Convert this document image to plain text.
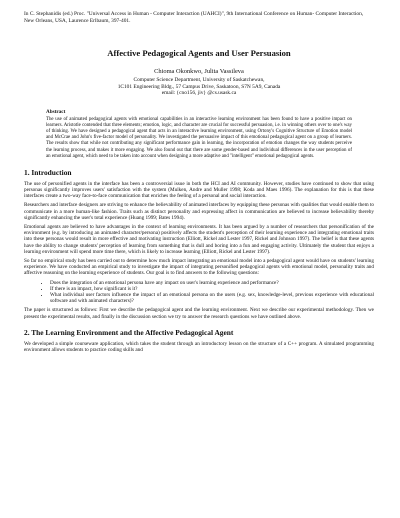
In C. Stephanidis (ed.) Proc. "Universal Access in Human - Computer Interaction (UAHCI)", 9th International Conference on Human- Computer Interaction, New Orleans, USA, Laurence Erlbaum, 397-401.
Affective Pedagogical Agents and User Persuasion
Chioma Okonkwo, Julita Vassileva
Computer Science Department, University of Saskatchewan,
1C101 Engineering Bldg., 57 Campus Drive, Saskatoon, S7N 5A9, Canada
email: {cno156, jiv} @cs.usask.ca
Abstract
The use of animated pedagogical agents with emotional capabilities in an interactive learning environment has been found to have a positive impact on learners. Aristotle contended that three elements; emotion, logic, and character are crucial for successful persuasion, i.e. in winning others over to one's way of thinking. We have designed a pedagogical agent that acts in an interactive learning environment, using Ortony's Cognitive Structure of Emotion model and McCrae and John's five-factor model of personality. We investigated the persuasive impact of this emotional pedagogical agent on a group of learners. The results show that while not contributing any significant performance gain in learning, the incorporation of emotion changes the way students perceive the learning process, and makes it more engaging. We also found out that there are some gender-based and individual differences in the user perception of an emotional agent, which need to be taken into account when designing a more adaptive and "intelligent" emotional pedagogical agents.
1. Introduction

The use of personified agents in the interface has been a controversial issue in both the HCI and AI community. However, studies have continued to show that using personas significantly improves users' satisfaction with the system (Mulken, Andre and Muller 1998; Koda and Maes 1996). The explanation for this is that these interfaces create a two-way face-to-face communication that enriches the feeling of a personal and social interaction.

Researchers and interface designers are striving to enhance the believability of animated interfaces by equipping these personas with qualities that would enable them to communicate in a more human-like fashion. Traits such as distinct personality and expressing affect in communication are believed to increase believability thereby significantly enhancing the user's total experience (Huang 1999; Bates 1994).

Emotional agents are believed to have advantages in the context of learning environments. It has been argued by a number of researchers that personification of the environment (e.g. by introducing an animated character/persona) positively affects the student's perception of their learning experience and integrating emotional traits into these personas would result in more effective and motivating instruction (Elliott, Rickel and Lester 1997, Rickel and Johnson 1997). The belief is that these agents have the ability to change students' perception of learning from something that is dull and boring into a fun and engaging activity. Ultimately the student that enjoys a learning environment will spend more time there, which is likely to increase learning (Elliott, Rickel and Lester 1997).

So far no empirical study has been carried out to determine how much impact integrating an emotional model into a pedagogical agent would have on students' learning experience. We have conducted an empirical study to investigate the impact of integrating personified pedagogical agents with emotional model, personality traits and affective reasoning on the learning experience of students. Our goal is to find answers to the following questions:

• Does the integration of an emotional persona have any impact on user's learning experience and performance?
• If there is an impact, how significant is it?
• What individual user factors influence the impact of an emotional persona on the users (e.g. sex, knowledge-level, previous experience with educational software and with animated characters)?

The paper is structured as follows: First we describe the pedagogical agent and the learning environment. Next we describe our experimental methodology. Then we present the experimental results, and finally in the discussion section we try to answer the research questions we have outlined above.

2. The Learning Environment and the Affective Pedagogical Agent

We developed a simple courseware application, which takes the student through an introductory lesson on the structure of a C++ program. A simulated programming environment allows students to practice coding skills and
